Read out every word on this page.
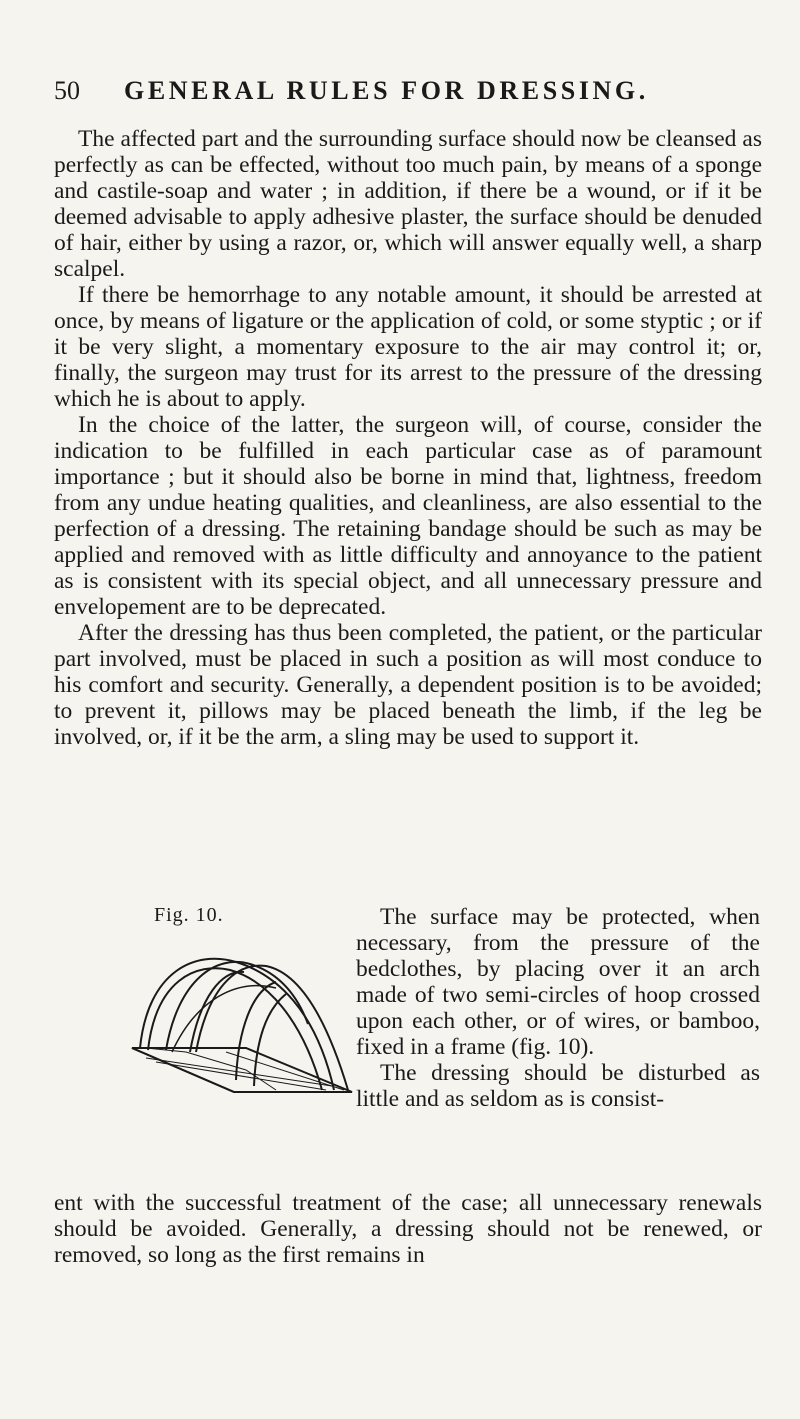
50 GENERAL RULES FOR DRESSING.

The affected part and the surrounding surface should now be cleansed as perfectly as can be effected, without too much pain, by means of a sponge and castile-soap and water ; in addition, if there be a wound, or if it be deemed advisable to apply adhesive plaster, the surface should be denuded of hair, either by using a razor, or, which will answer equally well, a sharp scalpel.

If there be hemorrhage to any notable amount, it should be arrested at once, by means of ligature or the application of cold, or some styptic ; or if it be very slight, a momentary exposure to the air may control it; or, finally, the surgeon may trust for its arrest to the pressure of the dressing which he is about to apply.

In the choice of the latter, the surgeon will, of course, consider the indication to be fulfilled in each particular case as of paramount importance ; but it should also be borne in mind that, lightness, freedom from any undue heating qualities, and cleanliness, are also essential to the perfection of a dressing. The retaining bandage should be such as may be applied and removed with as little difficulty and annoyance to the patient as is consistent with its special object, and all unnecessary pressure and envelopement are to be deprecated.

After the dressing has thus been completed, the patient, or the particular part involved, must be placed in such a position as will most conduce to his comfort and security. Generally, a dependent position is to be avoided; to prevent it, pillows may be placed beneath the limb, if the leg be involved, or, if it be the arm, a sling may be used to support it.

Fig. 10.	The surface may be protected, when necessary, from the pressure of the bedclothes, by placing over it an arch made of two semi-circles of hoop crossed upon each other, or of wires, or bamboo, fixed in a frame (fig. 10).

The dressing should be disturbed as little and as seldom as is consist-

ent with the successful treatment of the case; all unnecessary renewals should be avoided. Generally, a dressing should not be renewed, or removed, so long as the first remains in
